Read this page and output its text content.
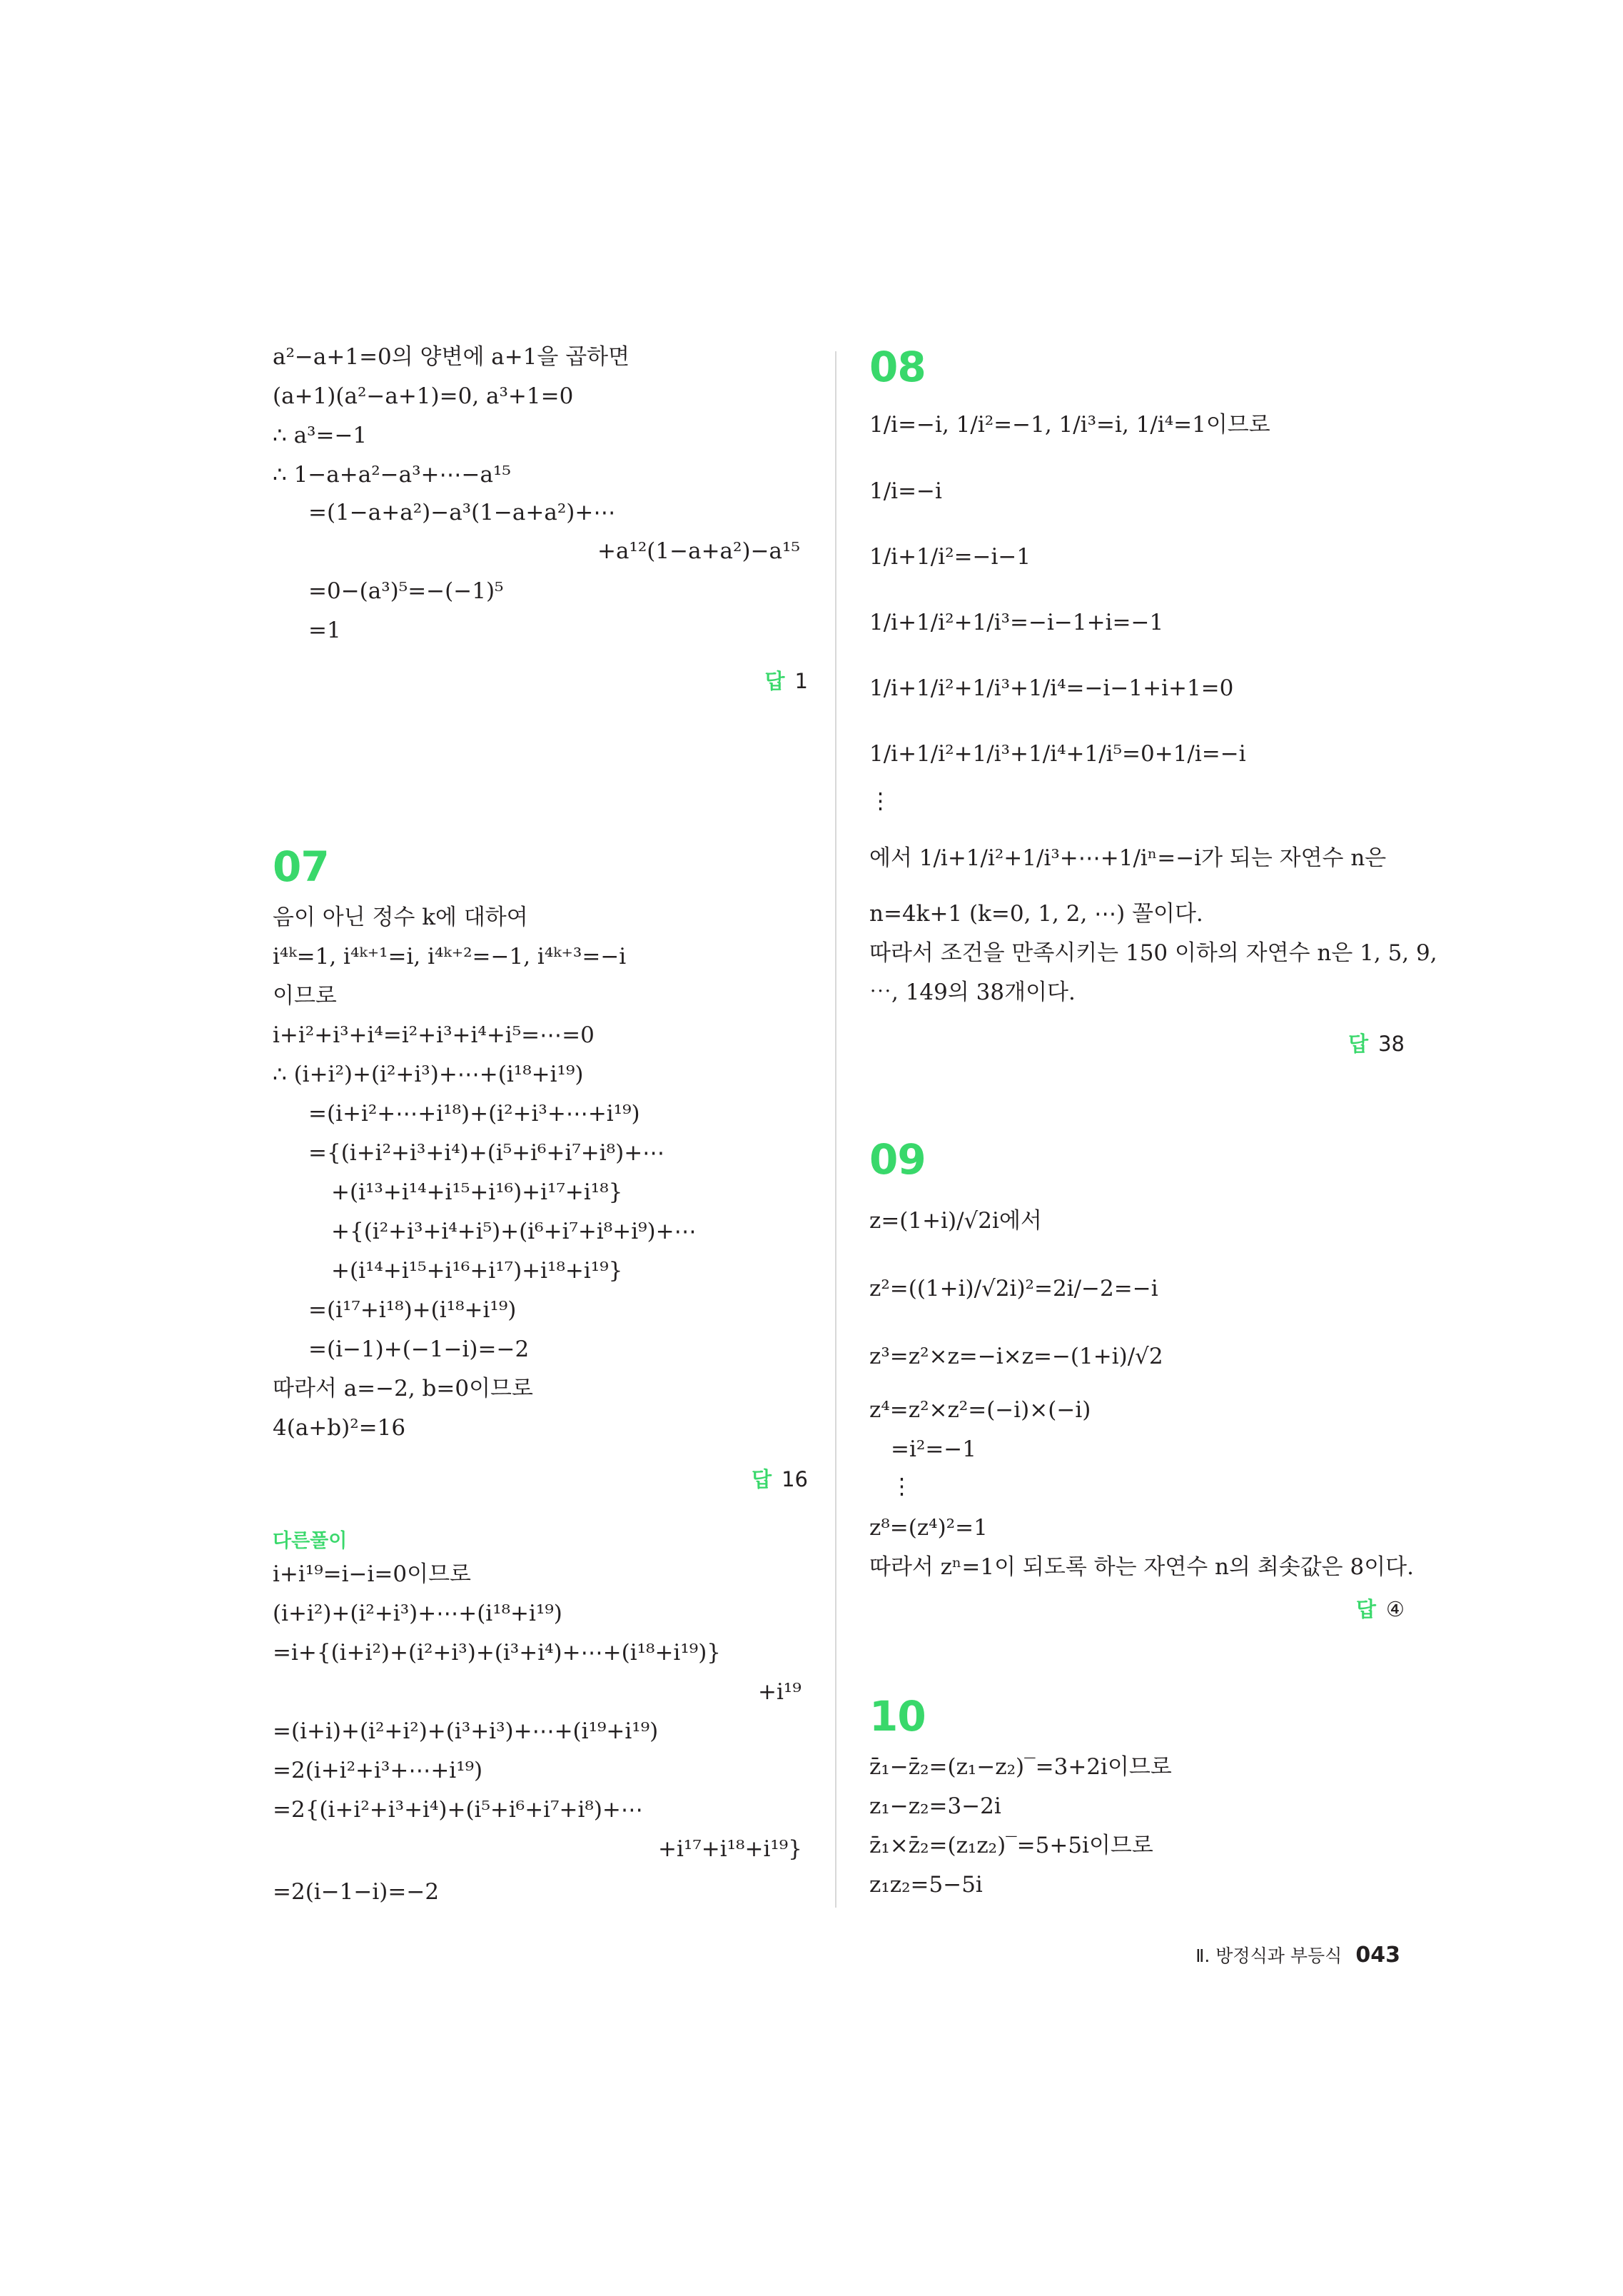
a²−a+1=0의 양변에 a+1을 곱하면
(a+1)(a²−a+1)=0, a³+1=0
∴ a³=−1
∴ 1−a+a²−a³+⋯−a¹⁵
=(1−a+a²)−a³(1−a+a²)+⋯
+a¹²(1−a+a²)−a¹⁵
=0−(a³)⁵=−(−1)⁵
=1
답 1
07
음이 아닌 정수 k에 대하여
i⁴ᵏ=1, i⁴ᵏ⁺¹=i, i⁴ᵏ⁺²=−1, i⁴ᵏ⁺³=−i
이므로
i+i²+i³+i⁴=i²+i³+i⁴+i⁵=⋯=0
∴ (i+i²)+(i²+i³)+⋯+(i¹⁸+i¹⁹)
=(i+i²+⋯+i¹⁸)+(i²+i³+⋯+i¹⁹)
={(i+i²+i³+i⁴)+(i⁵+i⁶+i⁷+i⁸)+⋯
+(i¹³+i¹⁴+i¹⁵+i¹⁶)+i¹⁷+i¹⁸}
+{(i²+i³+i⁴+i⁵)+(i⁶+i⁷+i⁸+i⁹)+⋯
+(i¹⁴+i¹⁵+i¹⁶+i¹⁷)+i¹⁸+i¹⁹}
=(i¹⁷+i¹⁸)+(i¹⁸+i¹⁹)
=(i−1)+(−1−i)=−2
따라서 a=−2, b=0이므로
4(a+b)²=16
답 16
다른풀이
i+i¹⁹=i−i=0이므로
(i+i²)+(i²+i³)+⋯+(i¹⁸+i¹⁹)
=i+{(i+i²)+(i²+i³)+(i³+i⁴)+⋯+(i¹⁸+i¹⁹)}
+i¹⁹
=(i+i)+(i²+i²)+(i³+i³)+⋯+(i¹⁹+i¹⁹)
=2(i+i²+i³+⋯+i¹⁹)
=2{(i+i²+i³+i⁴)+(i⁵+i⁶+i⁷+i⁸)+⋯
+i¹⁷+i¹⁸+i¹⁹}
=2(i−1−i)=−2
08
1/i=−i, 1/i²=−1, 1/i³=i, 1/i⁴=1이므로
1/i=−i
1/i+1/i²=−i−1
1/i+1/i²+1/i³=−i−1+i=−1
1/i+1/i²+1/i³+1/i⁴=−i−1+i+1=0
1/i+1/i²+1/i³+1/i⁴+1/i⁵=0+1/i=−i
⋮
에서 1/i+1/i²+1/i³+⋯+1/iⁿ=−i가 되는 자연수 n은
n=4k+1 (k=0, 1, 2, ⋯) 꼴이다.
따라서 조건을 만족시키는 150 이하의 자연수 n은 1, 5, 9,
⋯, 149의 38개이다.
답 38
09
z=(1+i)/√2i에서
z²=((1+i)/√2i)²=2i/−2=−i
z³=z²×z=−i×z=−(1+i)/√2
z⁴=z²×z²=(−i)×(−i)
=i²=−1
⋮
z⁸=(z⁴)²=1
따라서 zⁿ=1이 되도록 하는 자연수 n의 최솟값은 8이다.
답 ④
10
z̄₁−z̄₂=(z₁−z₂)‾=3+2i이므로
z₁−z₂=3−2i
z̄₁×z̄₂=(z₁z₂)‾=5+5i이므로
z₁z₂=5−5i
Ⅱ. 방정식과 부등식 043
